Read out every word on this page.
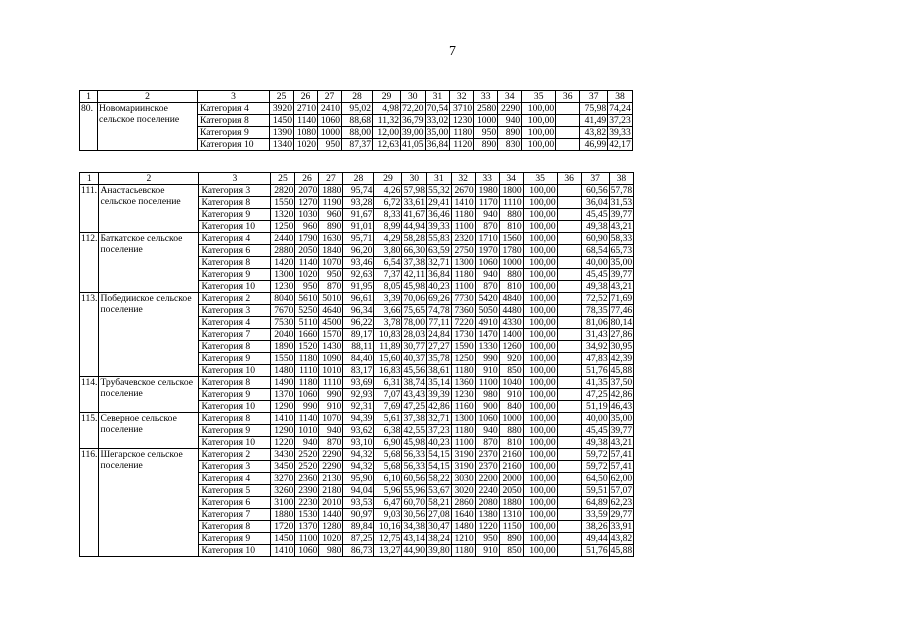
7
1	2	3	25	26	27	28	29	30	31	32	33	34	35	36	37	38
80.	Новомариинское сельское поселение	Категория 4	3920	2710	2410	95,02	4,98	72,20	70,54	3710	2580	2290	100,00		75,98	74,24
		Категория 8	1450	1140	1060	88,68	11,32	36,79	33,02	1230	1000	940	100,00		41,49	37,23
		Категория 9	1390	1080	1000	88,00	12,00	39,00	35,00	1180	950	890	100,00		43,82	39,33
		Категория 10	1340	1020	950	87,37	12,63	41,05	36,84	1120	890	830	100,00		46,99	42,17
1	2	3	25	26	27	28	29	30	31	32	33	34	35	36	37	38
111.	Анастасьевское сельское поселение	Категория 3	2820	2070	1880	95,74	4,26	57,98	55,32	2670	1980	1800	100,00		60,56	57,78
		Категория 8	1550	1270	1190	93,28	6,72	33,61	29,41	1410	1170	1110	100,00		36,04	31,53
		Категория 9	1320	1030	960	91,67	8,33	41,67	36,46	1180	940	880	100,00		45,45	39,77
		Категория 10	1250	960	890	91,01	8,99	44,94	39,33	1100	870	810	100,00		49,38	43,21
112.	Баткатское сельское поселение	Категория 4	2440	1790	1630	95,71	4,29	58,28	55,83	2320	1710	1560	100,00		60,90	58,33
		Категория 6	2880	2050	1840	96,20	3,80	66,30	63,59	2750	1970	1780	100,00		68,54	65,73
		Категория 8	1420	1140	1070	93,46	6,54	37,38	32,71	1300	1060	1000	100,00		40,00	35,00
		Категория 9	1300	1020	950	92,63	7,37	42,11	36,84	1180	940	880	100,00		45,45	39,77
		Категория 10	1230	950	870	91,95	8,05	45,98	40,23	1100	870	810	100,00		49,38	43,21
113.	Победииское сельское поселение	Категория 2	8040	5610	5010	96,61	3,39	70,06	69,26	7730	5420	4840	100,00		72,52	71,69
		Категория 3	7670	5250	4640	96,34	3,66	75,65	74,78	7360	5050	4480	100,00		78,35	77,46
		Категория 4	7530	5110	4500	96,22	3,78	78,00	77,11	7220	4910	4330	100,00		81,06	80,14
		Категория 7	2040	1660	1570	89,17	10,83	28,03	24,84	1730	1470	1400	100,00		31,43	27,86
		Категория 8	1890	1520	1430	88,11	11,89	30,77	27,27	1590	1330	1260	100,00		34,92	30,95
		Категория 9	1550	1180	1090	84,40	15,60	40,37	35,78	1250	990	920	100,00		47,83	42,39
		Категория 10	1480	1110	1010	83,17	16,83	45,56	38,61	1180	910	850	100,00		51,76	45,88
114.	Трубачевское сельское поселение	Категория 8	1490	1180	1110	93,69	6,31	38,74	35,14	1360	1100	1040	100,00		41,35	37,50
		Категория 9	1370	1060	990	92,93	7,07	43,43	39,39	1230	980	910	100,00		47,25	42,86
		Категория 10	1290	990	910	92,31	7,69	47,25	42,86	1160	900	840	100,00		51,19	46,43
115.	Северное сельское поселение	Категория 8	1410	1140	1070	94,39	5,61	37,38	32,71	1300	1060	1000	100,00		40,00	35,00
		Категория 9	1290	1010	940	93,62	6,38	42,55	37,23	1180	940	880	100,00		45,45	39,77
		Категория 10	1220	940	870	93,10	6,90	45,98	40,23	1100	870	810	100,00		49,38	43,21
116.	Шегарское сельское поселение	Категория 2	3430	2520	2290	94,32	5,68	56,33	54,15	3190	2370	2160	100,00		59,72	57,41
		Категория 3	3450	2520	2290	94,32	5,68	56,33	54,15	3190	2370	2160	100,00		59,72	57,41
		Категория 4	3270	2360	2130	95,90	6,10	60,56	58,22	3030	2200	2000	100,00		64,50	62,00
		Категория 5	3260	2390	2180	94,04	5,96	55,96	53,67	3020	2240	2050	100,00		59,51	57,07
		Категория 6	3100	2230	2010	93,53	6,47	60,70	58,21	2860	2080	1880	100,00		64,89	62,23
		Категория 7	1880	1530	1440	90,97	9,03	30,56	27,08	1640	1380	1310	100,00		33,59	29,77
		Категория 8	1720	1370	1280	89,84	10,16	34,38	30,47	1480	1220	1150	100,00		38,26	33,91
		Категория 9	1450	1100	1020	87,25	12,75	43,14	38,24	1210	950	890	100,00		49,44	43,82
		Категория 10	1410	1060	980	86,73	13,27	44,90	39,80	1180	910	850	100,00		51,76	45,88
